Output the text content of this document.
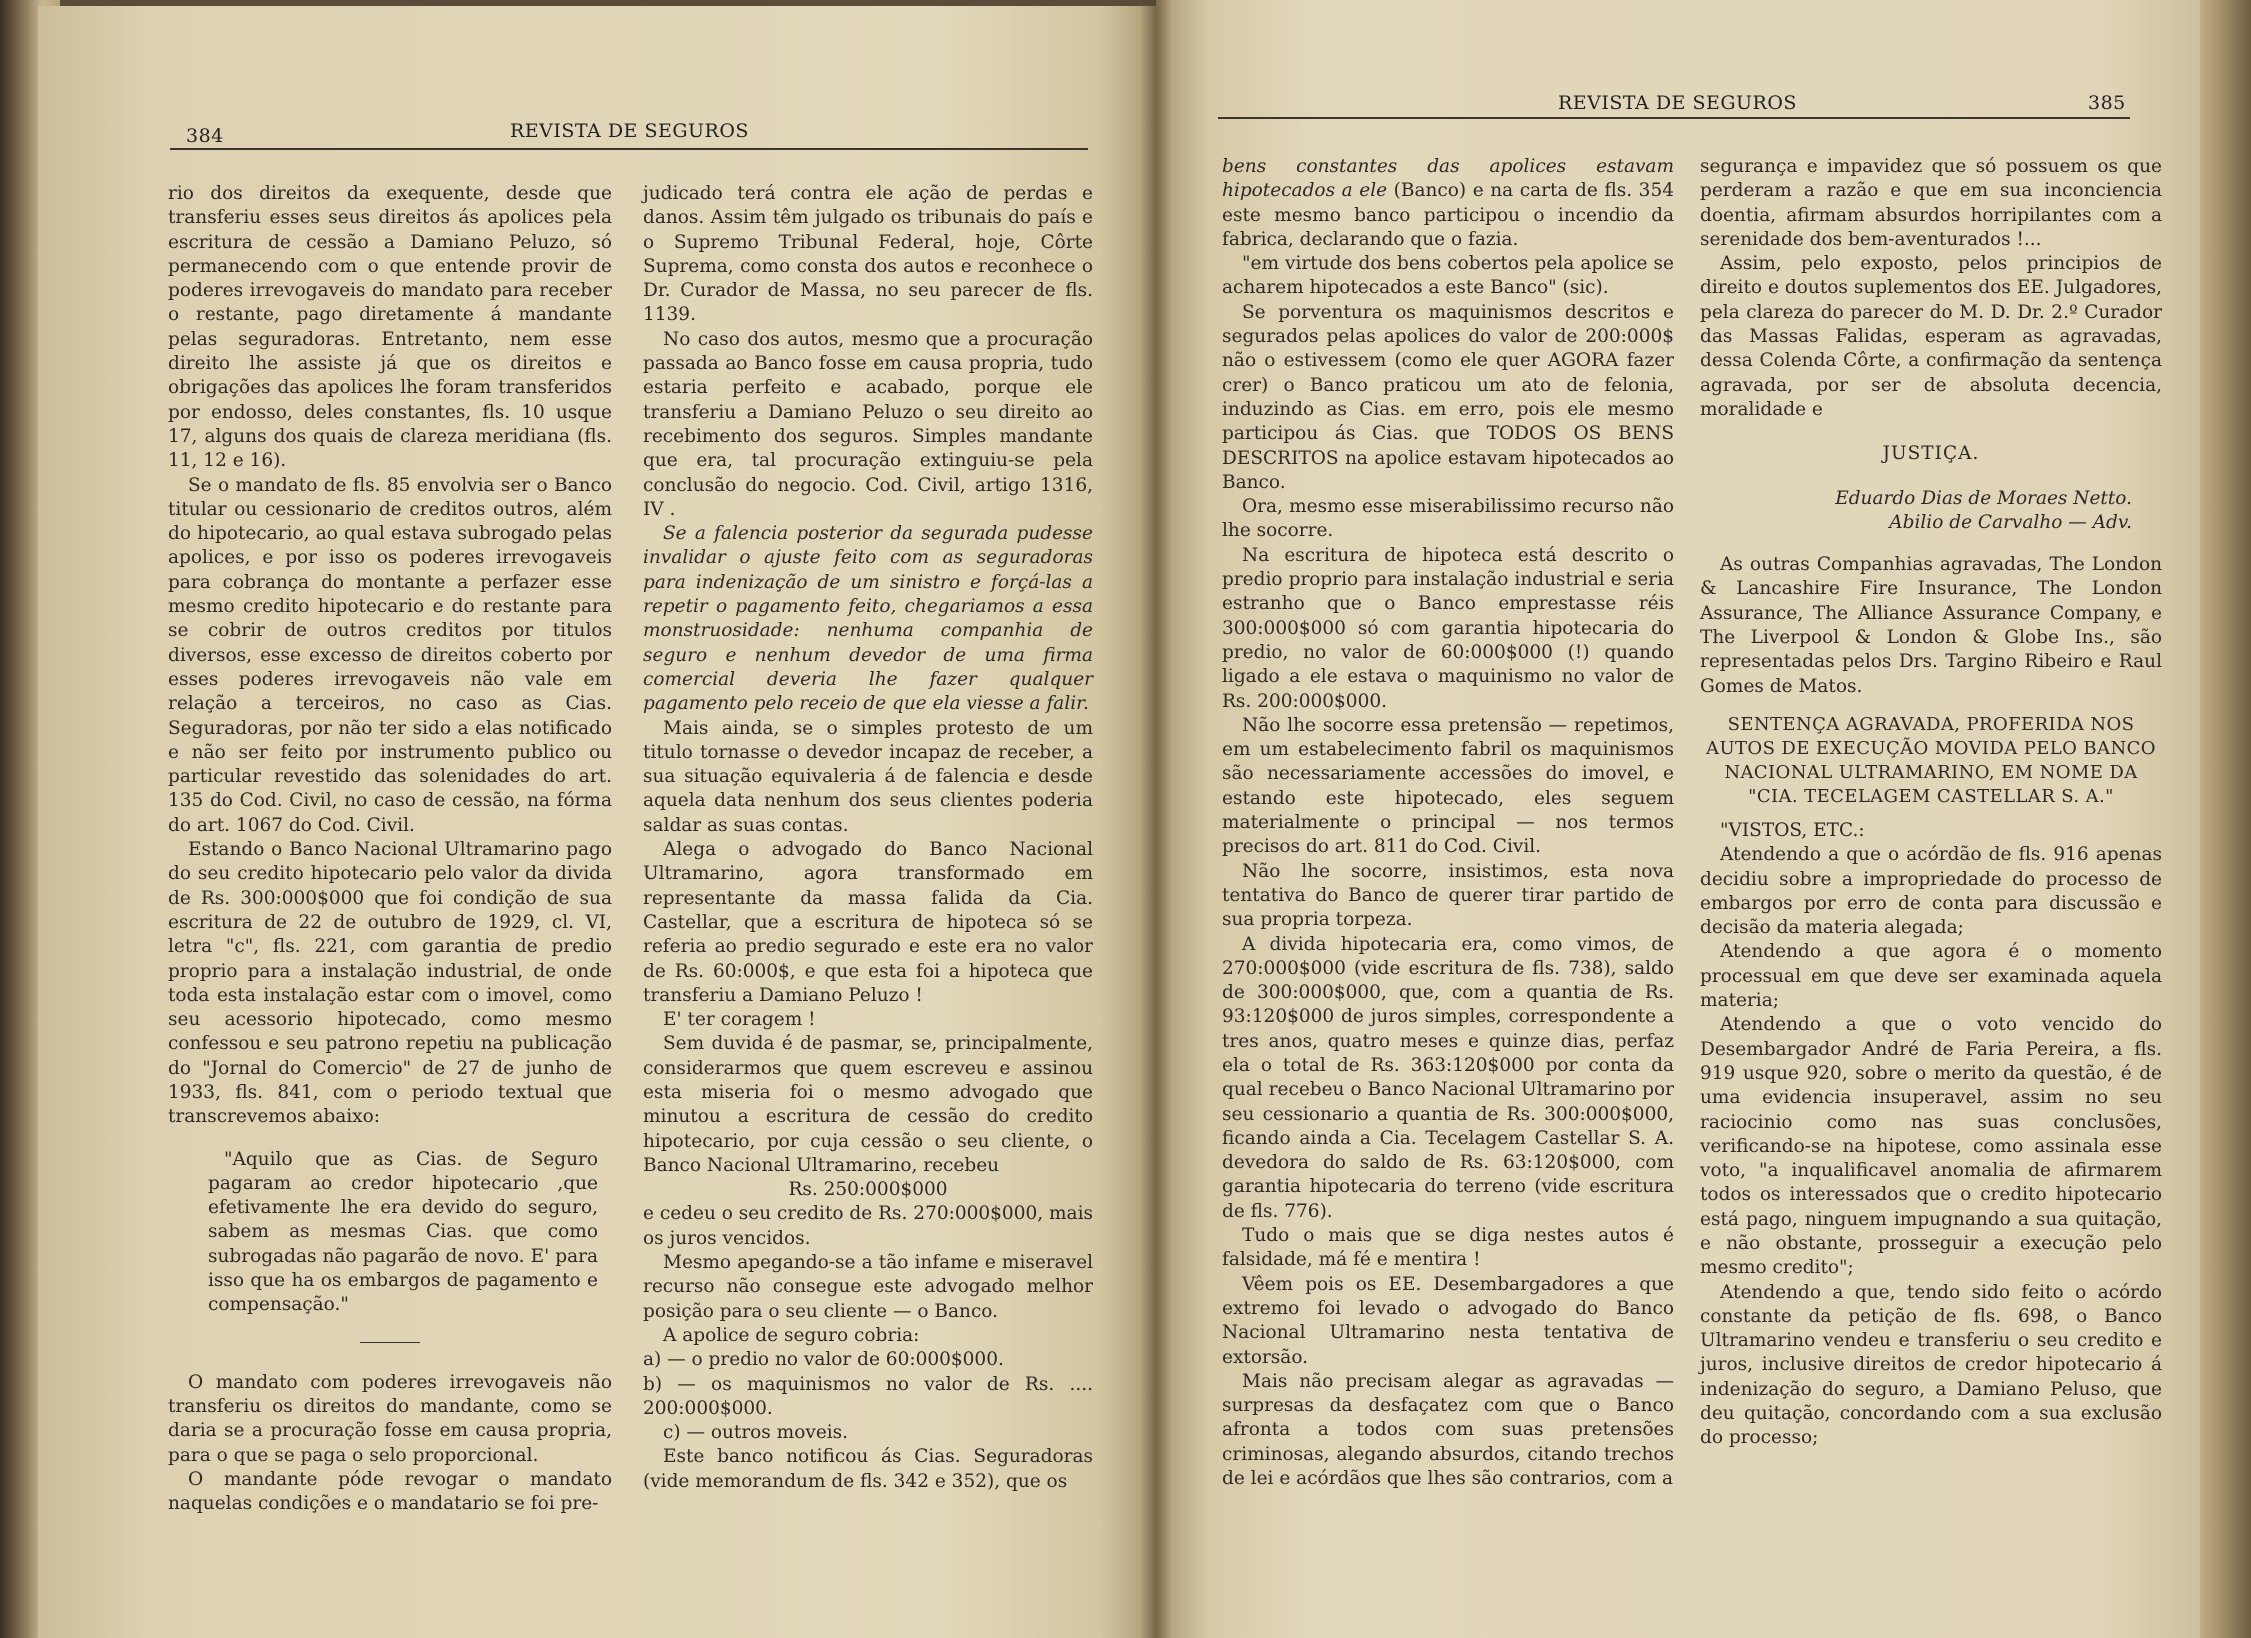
384	REVISTA DE SEGUROS

rio dos direitos da exequente, desde que transferiu esses seus direitos ás apolices pela escritura de cessão a Damiano Peluzo, só permanecendo com o que entende provir de poderes irrevogaveis do mandato para receber o restante, pago diretamente á mandante pelas seguradoras. Entretanto, nem esse direito lhe assiste já que os direitos e obrigações das apolices lhe foram transferidos por endosso, deles constantes, fls. 10 usque 17, alguns dos quais de clareza meridiana (fls. 11, 12 e 16).

Se o mandato de fls. 85 envolvia ser o Banco titular ou cessionario de creditos outros, além do hipotecario, ao qual estava subrogado pelas apolices, e por isso os poderes irrevogaveis para cobrança do montante a perfazer esse mesmo credito hipotecario e do restante para se cobrir de outros creditos por titulos diversos, esse excesso de direitos coberto por esses poderes irrevogaveis não vale em relação a terceiros, no caso as Cias. Seguradoras, por não ter sido a elas notificado e não ser feito por instrumento publico ou particular revestido das solenidades do art. 135 do Cod. Civil, no caso de cessão, na fórma do art. 1067 do Cod. Civil.

Estando o Banco Nacional Ultramarino pago do seu credito hipotecario pelo valor da divida de Rs. 300:000$000 que foi condição de sua escritura de 22 de outubro de 1929, cl. VI, letra "c", fls. 221, com garantia de predio proprio para a instalação industrial, de onde toda esta instalação estar com o imovel, como seu acessorio hipotecado, como mesmo confessou e seu patrono repetiu na publicação do "Jornal do Comercio" de 27 de junho de 1933, fls. 841, com o periodo textual que transcrevemos abaixo:

"Aquilo que as Cias. de Seguro pagaram ao credor hipotecario ,que efetivamente lhe era devido do seguro, sabem as mesmas Cias. que como subrogadas não pagarão de novo. E' para isso que ha os embargos de pagamento e compensação."

O mandato com poderes irrevogaveis não transferiu os direitos do mandante, como se daria se a procuração fosse em causa propria, para o que se paga o selo proporcional.

O mandante póde revogar o mandato naquelas condições e o mandatario se foi pre-

judicado terá contra ele ação de perdas e danos. Assim têm julgado os tribunais do país e o Supremo Tribunal Federal, hoje, Côrte Suprema, como consta dos autos e reconhece o Dr. Curador de Massa, no seu parecer de fls. 1139.

No caso dos autos, mesmo que a procuração passada ao Banco fosse em causa propria, tudo estaria perfeito e acabado, porque ele transferiu a Damiano Peluzo o seu direito ao recebimento dos seguros. Simples mandante que era, tal procuração extinguiu-se pela conclusão do negocio. Cod. Civil, artigo 1316, IV .

Se a falencia posterior da segurada pudesse invalidar o ajuste feito com as seguradoras para indenização de um sinistro e forçá-las a repetir o pagamento feito, chegariamos a essa monstruosidade: nenhuma companhia de seguro e nenhum devedor de uma firma comercial deveria lhe fazer qualquer pagamento pelo receio de que ela viesse a falir.

Mais ainda, se o simples protesto de um titulo tornasse o devedor incapaz de receber, a sua situação equivaleria á de falencia e desde aquela data nenhum dos seus clientes poderia saldar as suas contas.

Alega o advogado do Banco Nacional Ultramarino, agora transformado em representante da massa falida da Cia. Castellar, que a escritura de hipoteca só se referia ao predio segurado e este era no valor de Rs. 60:000$, e que esta foi a hipoteca que transferiu a Damiano Peluzo !

E' ter coragem !

Sem duvida é de pasmar, se, principalmente, considerarmos que quem escreveu e assinou esta miseria foi o mesmo advogado que minutou a escritura de cessão do credito hipotecario, por cuja cessão o seu cliente, o Banco Nacional Ultramarino, recebeu

Rs. 250:000$000

e cedeu o seu credito de Rs. 270:000$000, mais os juros vencidos.

Mesmo apegando-se a tão infame e miseravel recurso não consegue este advogado melhor posição para o seu cliente — o Banco.

A apolice de seguro cobria:

a) — o predio no valor de 60:000$000.

b) — os maquinismos no valor de Rs. .... 200:000$000.

c) — outros moveis.

Este banco notificou ás Cias. Seguradoras (vide memorandum de fls. 342 e 352), que os

REVISTA DE SEGUROS	385

bens constantes das apolices estavam hipotecados a ele (Banco) e na carta de fls. 354 este mesmo banco participou o incendio da fabrica, declarando que o fazia.

"em virtude dos bens cobertos pela apolice se acharem hipotecados a este Banco" (sic).

Se porventura os maquinismos descritos e segurados pelas apolices do valor de 200:000$ não o estivessem (como ele quer AGORA fazer crer) o Banco praticou um ato de felonia, induzindo as Cias. em erro, pois ele mesmo participou ás Cias. que TODOS OS BENS DESCRITOS na apolice estavam hipotecados ao Banco.

Ora, mesmo esse miserabilissimo recurso não lhe socorre.

Na escritura de hipoteca está descrito o predio proprio para instalação industrial e seria estranho que o Banco emprestasse réis 300:000$000 só com garantia hipotecaria do predio, no valor de 60:000$000 (!) quando ligado a ele estava o maquinismo no valor de Rs. 200:000$000.

Não lhe socorre essa pretensão — repetimos, em um estabelecimento fabril os maquinismos são necessariamente accessões do imovel, e estando este hipotecado, eles seguem materialmente o principal — nos termos precisos do art. 811 do Cod. Civil.

Não lhe socorre, insistimos, esta nova tentativa do Banco de querer tirar partido de sua propria torpeza.

A divida hipotecaria era, como vimos, de 270:000$000 (vide escritura de fls. 738), saldo de 300:000$000, que, com a quantia de Rs. 93:120$000 de juros simples, correspondente a tres anos, quatro meses e quinze dias, perfaz ela o total de Rs. 363:120$000 por conta da qual recebeu o Banco Nacional Ultramarino por seu cessionario a quantia de Rs. 300:000$000, ficando ainda a Cia. Tecelagem Castellar S. A. devedora do saldo de Rs. 63:120$000, com garantia hipotecaria do terreno (vide escritura de fls. 776).

Tudo o mais que se diga nestes autos é falsidade, má fé e mentira !

Vêem pois os EE. Desembargadores a que extremo foi levado o advogado do Banco Nacional Ultramarino nesta tentativa de extorsão.

Mais não precisam alegar as agravadas — surpresas da desfaçatez com que o Banco afronta a todos com suas pretensões criminosas, alegando absurdos, citando trechos de lei e acórdãos que lhes são contrarios, com a

segurança e impavidez que só possuem os que perderam a razão e que em sua inconciencia doentia, afirmam absurdos horripilantes com a serenidade dos bem-aventurados !...

Assim, pelo exposto, pelos principios de direito e doutos suplementos dos EE. Julgadores, pela clareza do parecer do M. D. Dr. 2.º Curador das Massas Falidas, esperam as agravadas, dessa Colenda Côrte, a confirmação da sentença agravada, por ser de absoluta decencia, moralidade e

JUSTIÇA.

Eduardo Dias de Moraes Netto.

Abilio de Carvalho — Adv.

As outras Companhias agravadas, The London & Lancashire Fire Insurance, The London Assurance, The Alliance Assurance Company, e The Liverpool & London & Globe Ins., são representadas pelos Drs. Targino Ribeiro e Raul Gomes de Matos.

SENTENÇA AGRAVADA, PROFERIDA NOS AUTOS DE EXECUÇÃO MOVIDA PELO BANCO NACIONAL ULTRAMARINO, EM NOME DA "CIA. TECELAGEM CASTELLAR S. A."

"VISTOS, ETC.:

Atendendo a que o acórdão de fls. 916 apenas decidiu sobre a impropriedade do processo de embargos por erro de conta para discussão e decisão da materia alegada;

Atendendo a que agora é o momento processual em que deve ser examinada aquela materia;

Atendendo a que o voto vencido do Desembargador André de Faria Pereira, a fls. 919 usque 920, sobre o merito da questão, é de uma evidencia insuperavel, assim no seu raciocinio como nas suas conclusões, verificando-se na hipotese, como assinala esse voto, "a inqualificavel anomalia de afirmarem todos os interessados que o credito hipotecario está pago, ninguem impugnando a sua quitação, e não obstante, prosseguir a execução pelo mesmo credito";

Atendendo a que, tendo sido feito o acórdo constante da petição de fls. 698, o Banco Ultramarino vendeu e transferiu o seu credito e juros, inclusive direitos de credor hipotecario á indenização do seguro, a Damiano Peluso, que deu quitação, concordando com a sua exclusão do processo;
